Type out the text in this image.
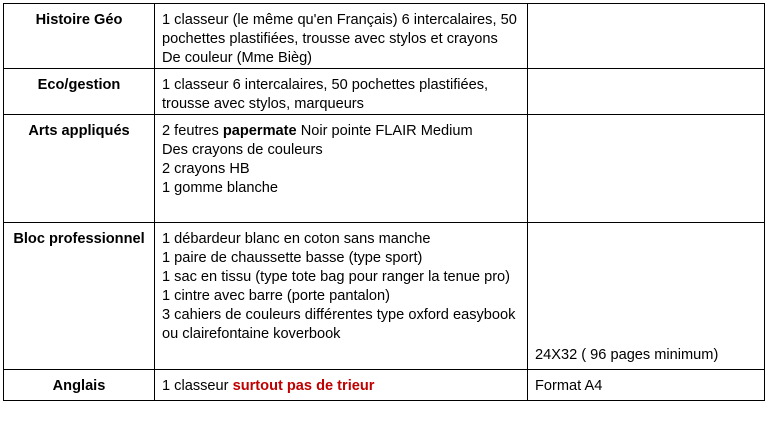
Histoire Géo	1 classeur (le même qu'en Français) 6 intercalaires, 50 pochettes plastifiées, trousse avec stylos et crayons De couleur (Mme Bièg)	

Eco/gestion	1 classeur 6 intercalaires, 50 pochettes plastifiées, trousse avec stylos, marqueurs	

Arts appliqués	2 feutres papermate Noir pointe FLAIR Medium
Des crayons de couleurs
2 crayons HB
1 gomme blanche	

Bloc professionnel	1 débardeur blanc en coton sans manche
1 paire de chaussette basse (type sport)
1 sac en tissu (type tote bag pour ranger la tenue pro)
1 cintre avec barre (porte pantalon)
3 cahiers de couleurs différentes type oxford easybook ou clairefontaine koverbook	24X32 ( 96 pages minimum)
Anglais	1 classeur surtout pas de trieur	Format A4
